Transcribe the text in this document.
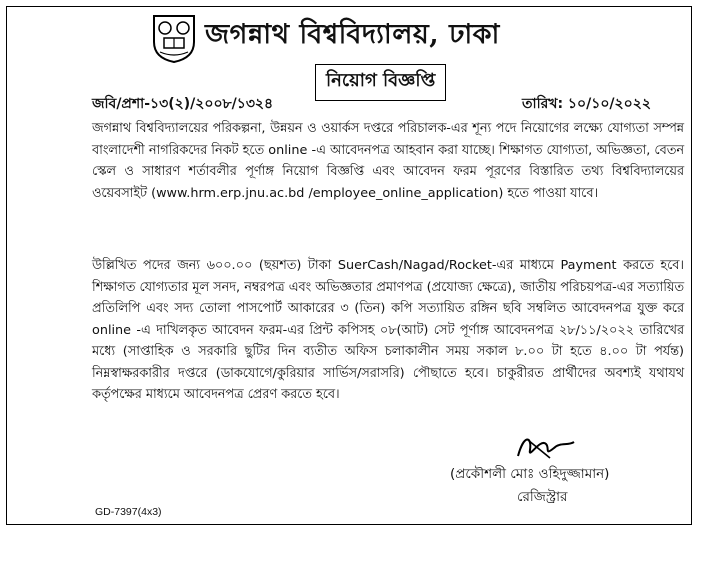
জগন্নাথ বিশ্ববিদ্যালয়, ঢাকা
নিয়োগ বিজ্ঞপ্তি
জবি/প্রশা-১৩(২)/২০০৮/১৩২৪	তারিখ: ১০/১০/২০২২

জগন্নাথ বিশ্ববিদ্যালয়ের পরিকল্পনা, উন্নয়ন ও ওয়ার্কস দপ্তরে পরিচালক-এর শূন্য পদে নিয়োগের লক্ষ্যে যোগ্যতা সম্পন্ন বাংলাদেশী নাগরিকদের নিকট হতে online -এ আবেদনপত্র আহবান করা যাচ্ছে। শিক্ষাগত যোগ্যতা, অভিজ্ঞতা, বেতন স্কেল ও সাধারণ শর্তাবলীর পূর্ণাঙ্গ নিয়োগ বিজ্ঞপ্তি এবং আবেদন ফরম পূরণের বিস্তারিত তথ্য বিশ্ববিদ্যালয়ের ওয়েবসাইট (www.hrm.erp.jnu.ac.bd /employee_online_application) হতে পাওয়া যাবে।

উল্লিখিত পদের জন্য ৬০০.০০ (ছয়শত) টাকা SuerCash/Nagad/Rocket-এর মাধ্যমে Payment করতে হবে। শিক্ষাগত যোগ্যতার মূল সনদ, নম্বরপত্র এবং অভিজ্ঞতার প্রমাণপত্র (প্রযোজ্য ক্ষেত্রে), জাতীয় পরিচয়পত্র-এর সত্যায়িত প্রতিলিপি এবং সদ্য তোলা পাসপোর্ট আকারের ৩ (তিন) কপি সত্যায়িত রঙ্গিন ছবি সম্বলিত আবেদনপত্র যুক্ত করে online -এ দাখিলকৃত আবেদন ফরম-এর প্রিন্ট কপিসহ ০৮(আট) সেট পূর্ণাঙ্গ আবেদনপত্র ২৮/১১/২০২২ তারিখের মধ্যে (সাপ্তাহিক ও সরকারি ছুটির দিন ব্যতীত অফিস চলাকালীন সময় সকাল ৮.০০ টা হতে ৪.০০ টা পর্যন্ত) নিম্নস্বাক্ষরকারীর দপ্তরে (ডাকযোগে/কুরিয়ার সার্ভিস/সরাসরি) পৌছাতে হবে। চাকুরীরত প্রার্থীদের অবশ্যই যথাযথ কর্তৃপক্ষের মাধ্যমে আবেদনপত্র প্রেরণ করতে হবে।

(প্রকৌশলী মোঃ ওহিদুজ্জামান)
রেজিস্ট্রার
GD-7397(4x3)
